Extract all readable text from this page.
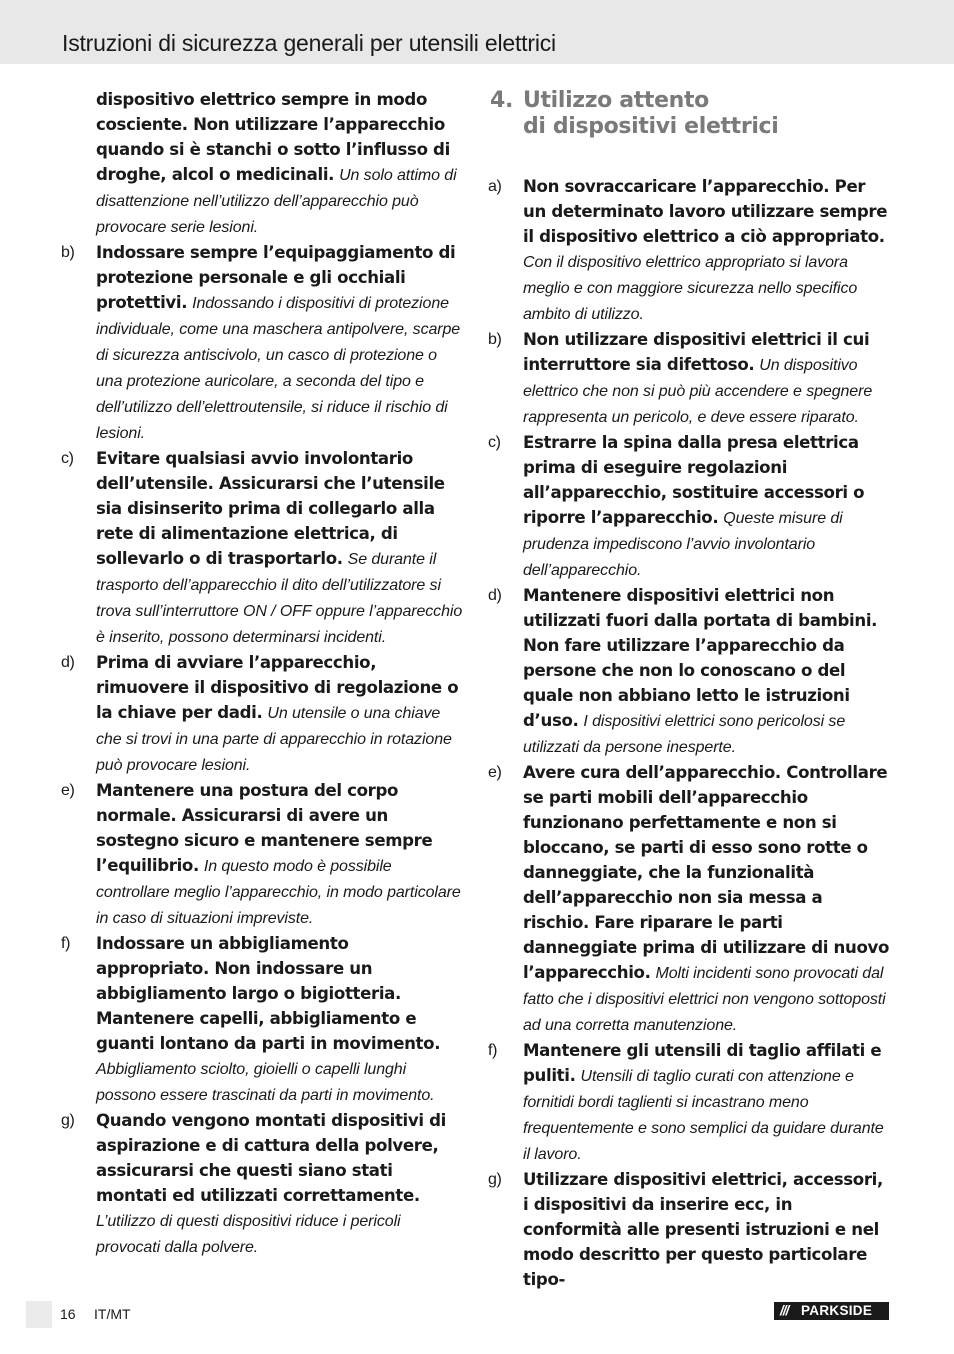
Istruzioni di sicurezza generali per utensili elettrici
dispositivo elettrico sempre in modo cosciente. Non utilizzare l’apparecchio quando si è stanchi o sotto l’influsso di droghe, alcol o medicinali. Un solo attimo di disattenzione nell’utilizzo dell’apparecchio può provocare serie lesioni.
b) Indossare sempre l’equipaggiamento di protezione personale e gli occhiali protettivi. Indossando i dispositivi di protezione individuale, come una maschera antipolvere, scarpe di sicurezza antiscivolo, un casco di protezione o una protezione auricolare, a seconda del tipo e dell’utilizzo dell’elettroutensile, si riduce il rischio di lesioni.
c) Evitare qualsiasi avvio involontario dell’utensile. Assicurarsi che l’utensile sia disinserito prima di collegarlo alla rete di alimentazione elettrica, di sollevarlo o di trasportarlo. Se durante il trasporto dell’apparecchio il dito dell’utilizzatore si trova sull’interruttore ON / OFF oppure l’apparecchio è inserito, possono determinarsi incidenti.
d) Prima di avviare l’apparecchio, rimuovere il dispositivo di regolazione o la chiave per dadi. Un utensile o una chiave che si trovi in una parte di apparecchio in rotazione può provocare lesioni.
e) Mantenere una postura del corpo normale. Assicurarsi di avere un sostegno sicuro e mantenere sempre l’equilibrio. In questo modo è possibile controllare meglio l’apparecchio, in modo particolare in caso di situazioni impreviste.
f) Indossare un abbigliamento appropriato. Non indossare un abbigliamento largo o bigiotteria. Mantenere capelli, abbigliamento e guanti lontano da parti in movimento. Abbigliamento sciolto, gioielli o capelli lunghi possono essere trascinati da parti in movimento.
g) Quando vengono montati dispositivi di aspirazione e di cattura della polvere, assicurarsi che questi siano stati montati ed utilizzati correttamente. L’utilizzo di questi dispositivi riduce i pericoli provocati dalla polvere.
4. Utilizzo attento
di dispositivi elettrici
a) Non sovraccaricare l’apparecchio. Per un determinato lavoro utilizzare sempre il dispositivo elettrico a ciò appropriato. Con il dispositivo elettrico appropriato si lavora meglio e con maggiore sicurezza nello specifico ambito di utilizzo.
b) Non utilizzare dispositivi elettrici il cui interruttore sia difettoso. Un dispositivo elettrico che non si può più accendere e spegnere rappresenta un pericolo, e deve essere riparato.
c) Estrarre la spina dalla presa elettrica prima di eseguire regolazioni all’apparecchio, sostituire accessori o riporre l’apparecchio. Queste misure di prudenza impediscono l’avvio involontario dell’apparecchio.
d) Mantenere dispositivi elettrici non utilizzati fuori dalla portata di bambini. Non fare utilizzare l’apparecchio da persone che non lo conoscano o del quale non abbiano letto le istruzioni d’uso. I dispositivi elettrici sono pericolosi se utilizzati da persone inesperte.
e) Avere cura dell’apparecchio. Controllare se parti mobili dell’apparecchio funzionano perfettamente e non si bloccano, se parti di esso sono rotte o danneggiate, che la funzionalità dell’apparecchio non sia messa a rischio. Fare riparare le parti danneggiate prima di utilizzare di nuovo l’apparecchio. Molti incidenti sono provocati dal fatto che i dispositivi elettrici non vengono sottoposti ad una corretta manutenzione.
f) Mantenere gli utensili di taglio affilati e puliti. Utensili di taglio curati con attenzione e fornitidi bordi taglienti si incastrano meno frequentemente e sono semplici da guidare durante il lavoro.
g) Utilizzare dispositivi elettrici, accessori, i dispositivi da inserire ecc, in conformità alle presenti istruzioni e nel modo descritto per questo particolare tipo-
16 IT/MT	/// PARKSIDE
